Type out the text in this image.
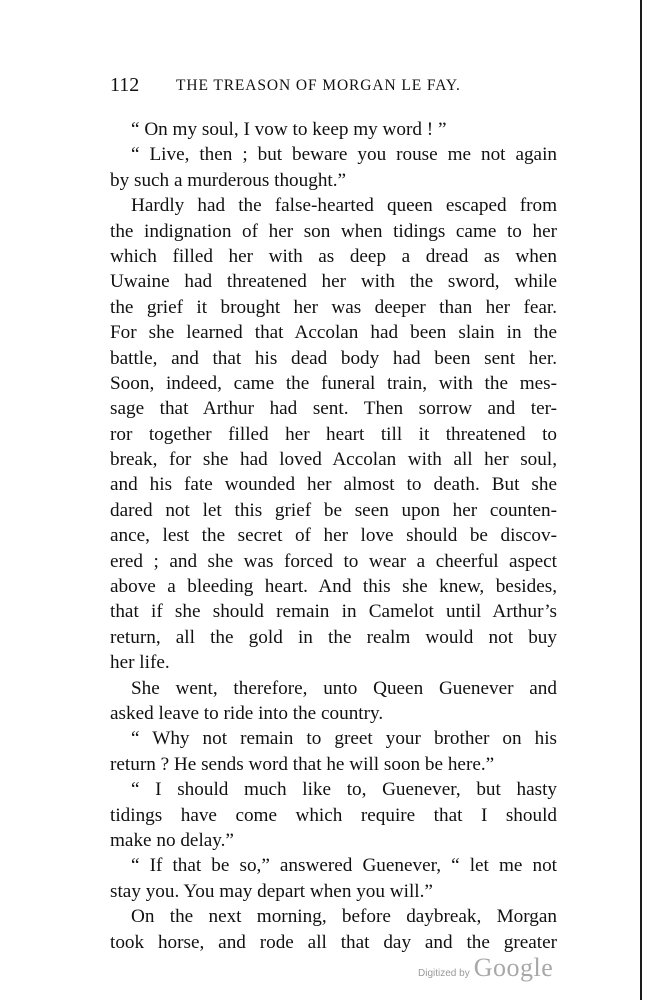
112 THE TREASON OF MORGAN LE FAY.
“ On my soul, I vow to keep my word ! ”
“ Live, then ; but beware you rouse me not again
by such a murderous thought.”
Hardly had the false-hearted queen escaped from
the indignation of her son when tidings came to her
which filled her with as deep a dread as when
Uwaine had threatened her with the sword, while
the grief it brought her was deeper than her fear.
For she learned that Accolan had been slain in the
battle, and that his dead body had been sent her.
Soon, indeed, came the funeral train, with the mes-
sage that Arthur had sent. Then sorrow and ter-
ror together filled her heart till it threatened to
break, for she had loved Accolan with all her soul,
and his fate wounded her almost to death. But she
dared not let this grief be seen upon her counten-
ance, lest the secret of her love should be discov-
ered ; and she was forced to wear a cheerful aspect
above a bleeding heart. And this she knew, besides,
that if she should remain in Camelot until Arthur’s
return, all the gold in the realm would not buy
her life.
She went, therefore, unto Queen Guenever and
asked leave to ride into the country.
“ Why not remain to greet your brother on his
return ? He sends word that he will soon be here.”
“ I should much like to, Guenever, but hasty
tidings have come which require that I should
make no delay.”
“ If that be so,” answered Guenever, “ let me not
stay you. You may depart when you will.”
On the next morning, before daybreak, Morgan
took horse, and rode all that day and the greater
Digitized by Google
